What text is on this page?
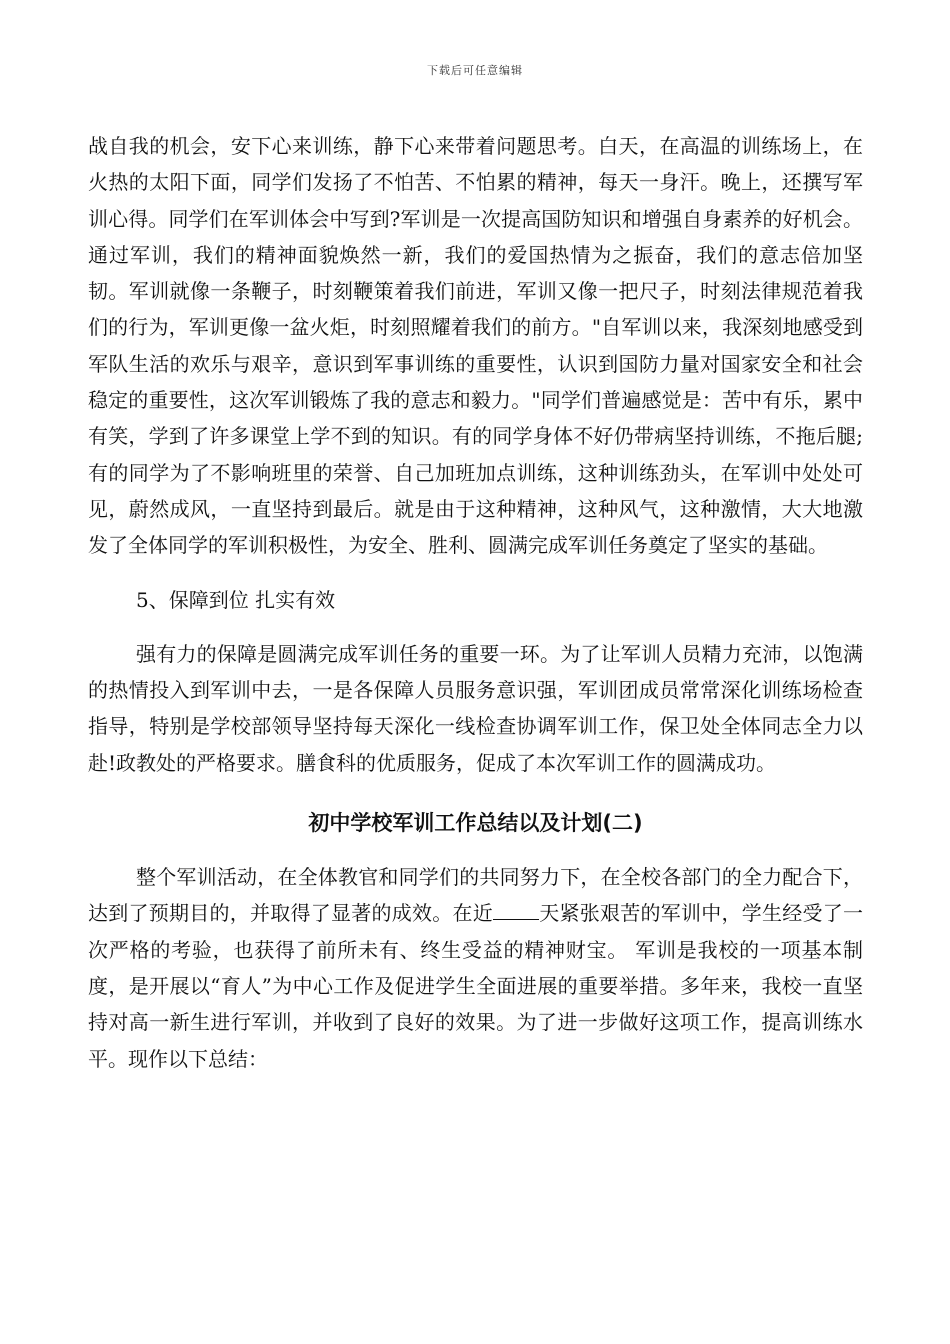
下载后可任意编辑

战自我的机会，安下心来训练，静下心来带着问题思考。白天，在高温的训练场上，在火热的太阳下面，同学们发扬了不怕苦、不怕累的精神，每天一身汗。晚上，还撰写军训心得。同学们在军训体会中写到?军训是一次提高国防知识和增强自身素养的好机会。通过军训，我们的精神面貌焕然一新，我们的爱国热情为之振奋，我们的意志倍加坚韧。军训就像一条鞭子，时刻鞭策着我们前进，军训又像一把尺子，时刻法律规范着我们的行为，军训更像一盆火炬，时刻照耀着我们的前方。"自军训以来，我深刻地感受到军队生活的欢乐与艰辛，意识到军事训练的重要性，认识到国防力量对国家安全和社会稳定的重要性，这次军训锻炼了我的意志和毅力。"同学们普遍感觉是：苦中有乐，累中有笑，学到了许多课堂上学不到的知识。有的同学身体不好仍带病坚持训练，不拖后腿;有的同学为了不影响班里的荣誉、自己加班加点训练，这种训练劲头，在军训中处处可见，蔚然成风，一直坚持到最后。就是由于这种精神，这种风气，这种激情，大大地激发了全体同学的军训积极性，为安全、胜利、圆满完成军训任务奠定了坚实的基础。

5、保障到位 扎实有效

强有力的保障是圆满完成军训任务的重要一环。为了让军训人员精力充沛，以饱满的热情投入到军训中去，一是各保障人员服务意识强，军训团成员常常深化训练场检查指导，特别是学校部领导坚持每天深化一线检查协调军训工作，保卫处全体同志全力以赴!政教处的严格要求。膳食科的优质服务，促成了本次军训工作的圆满成功。

初中学校军训工作总结以及计划(二)

整个军训活动，在全体教官和同学们的共同努力下，在全校各部门的全力配合下，达到了预期目的，并取得了显著的成效。在近 天紧张艰苦的军训中，学生经受了一次严格的考验，也获得了前所未有、终生受益的精神财宝。 军训是我校的一项基本制度，是开展以“育人”为中心工作及促进学生全面进展的重要举措。多年来，我校一直坚持对高一新生进行军训，并收到了良好的效果。为了进一步做好这项工作，提高训练水平。现作以下总结：
